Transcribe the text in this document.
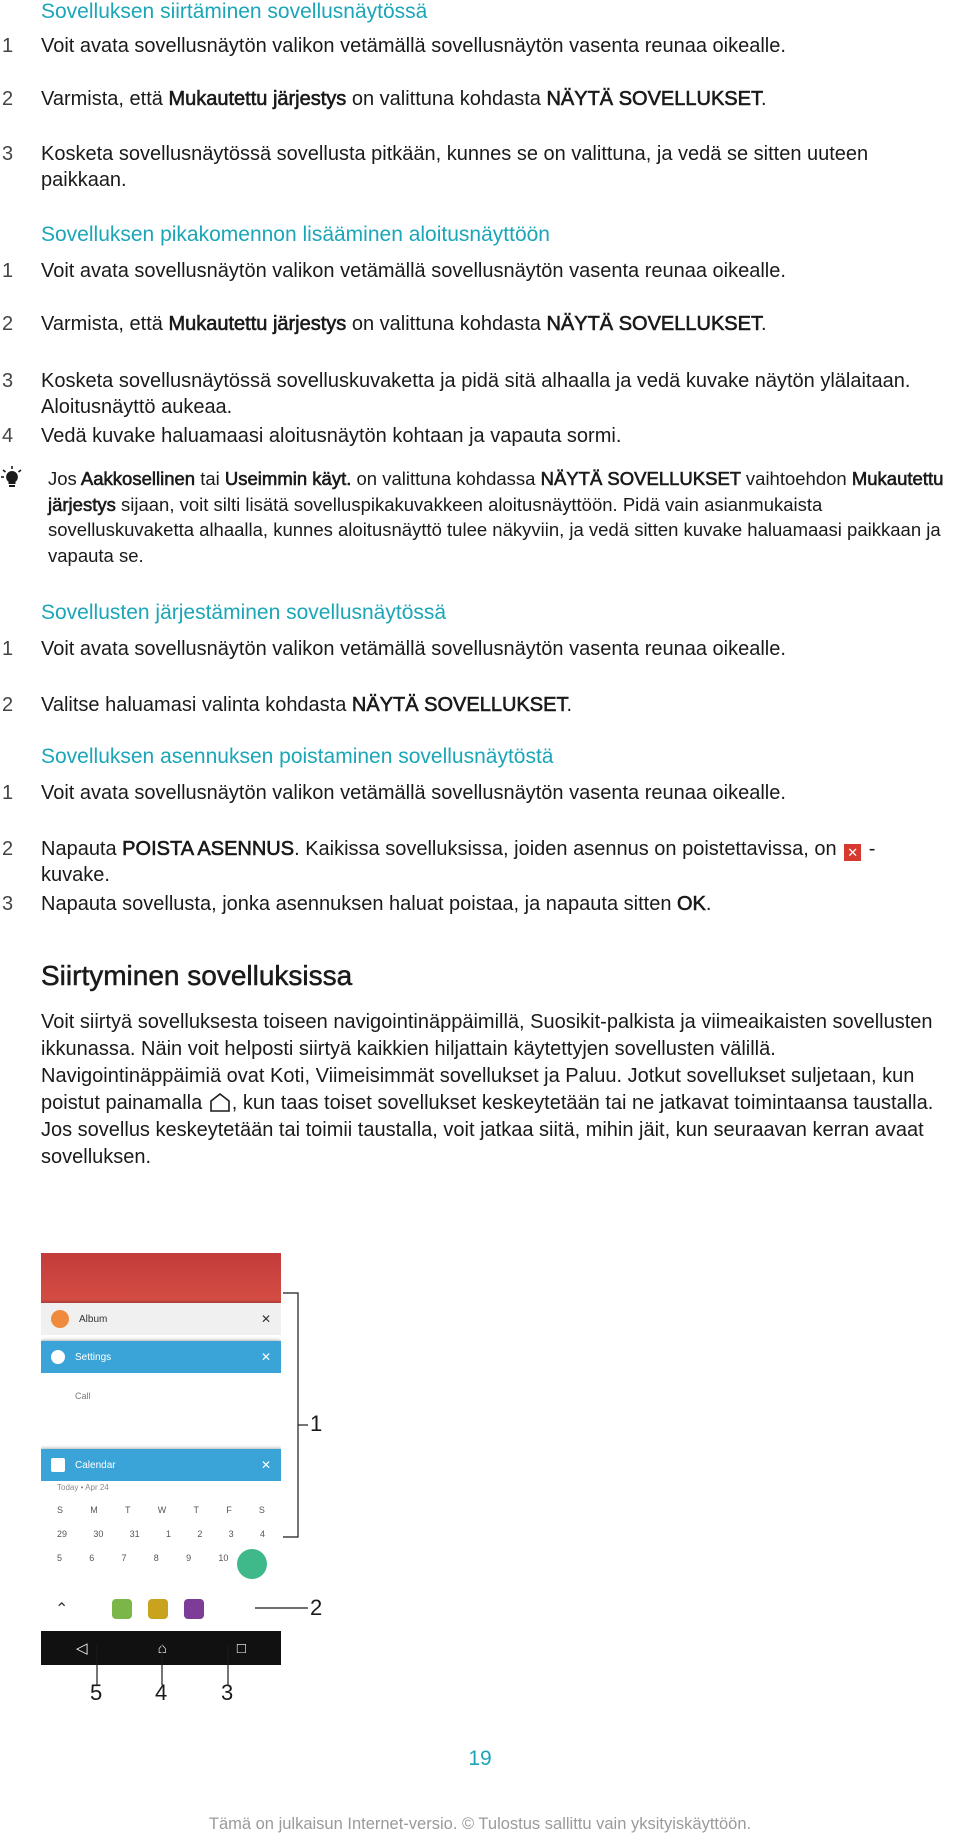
Sovelluksen siirtäminen sovellusnäytössä
1	Voit avata sovellusnäytön valikon vetämällä sovellusnäytön vasenta reunaa oikealle.
2	Varmista, että Mukautettu järjestys on valittuna kohdasta NÄYTÄ SOVELLUKSET.
3	Kosketa sovellusnäytössä sovellusta pitkään, kunnes se on valittuna, ja vedä se sitten uuteen paikkaan.
Sovelluksen pikakomennon lisääminen aloitusnäyttöön
1	Voit avata sovellusnäytön valikon vetämällä sovellusnäytön vasenta reunaa oikealle.
2	Varmista, että Mukautettu järjestys on valittuna kohdasta NÄYTÄ SOVELLUKSET.
3	Kosketa sovellusnäytössä sovelluskuvaketta ja pidä sitä alhaalla ja vedä kuvake näytön ylälaitaan. Aloitusnäyttö aukeaa.
4	Vedä kuvake haluamaasi aloitusnäytön kohtaan ja vapauta sormi.
Jos Aakkosellinen tai Useimmin käyt. on valittuna kohdassa NÄYTÄ SOVELLUKSET vaihtoehdon Mukautettu järjestys sijaan, voit silti lisätä sovelluspikakuvakkeen aloitusnäyttöön. Pidä vain asianmukaista sovelluskuvaketta alhaalla, kunnes aloitusnäyttö tulee näkyviin, ja vedä sitten kuvake haluamaasi paikkaan ja vapauta se.
Sovellusten järjestäminen sovellusnäytössä
1	Voit avata sovellusnäytön valikon vetämällä sovellusnäytön vasenta reunaa oikealle.
2	Valitse haluamasi valinta kohdasta NÄYTÄ SOVELLUKSET.
Sovelluksen asennuksen poistaminen sovellusnäytöstä
1	Voit avata sovellusnäytön valikon vetämällä sovellusnäytön vasenta reunaa oikealle.
2	Napauta POISTA ASENNUS. Kaikissa sovelluksissa, joiden asennus on poistettavissa, on ✕ -kuvake.
3	Napauta sovellusta, jonka asennuksen haluat poistaa, ja napauta sitten OK.
Siirtyminen sovelluksissa
Voit siirtyä sovelluksesta toiseen navigointinäppäimillä, Suosikit-palkista ja viimeaikaisten sovellusten ikkunassa. Näin voit helposti siirtyä kaikkien hiljattain käytettyjen sovellusten välillä. Navigointinäppäimiä ovat Koti, Viimeisimmät sovellukset ja Paluu. Jotkut sovellukset suljetaan, kun poistut painamalla , kun taas toiset sovellukset keskeytetään tai ne jatkavat toimintaansa taustalla. Jos sovellus keskeytetään tai toimii taustalla, voit jatkaa siitä, mihin jäit, kun seuraavan kerran avaat sovelluksen.
Album	✕
Settings	✕
Call
Calendar	✕
Today • Apr 24
S	M	T	W	T	F	S
29	30	31	1	2	3	4
5	6	7	8	9	10
⌃
◁	⌂	□
1
2
3
4
5
19
Tämä on julkaisun Internet-versio. © Tulostus sallittu vain yksityiskäyttöön.
